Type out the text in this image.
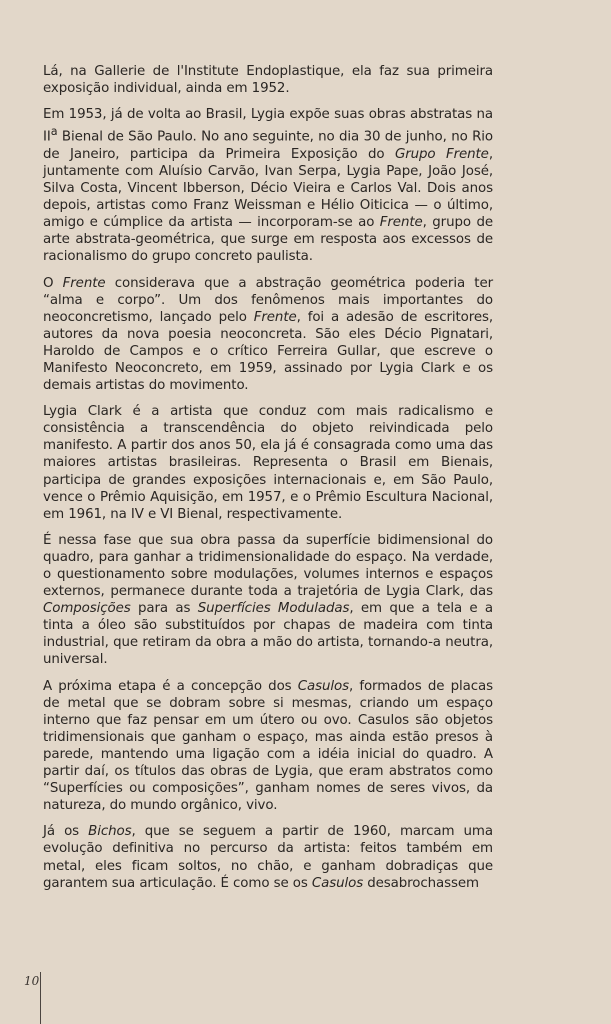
Lá, na Gallerie de l'Institute Endoplastique, ela faz sua primeira exposição individual, ainda em 1952.

Em 1953, já de volta ao Brasil, Lygia expõe suas obras abstratas na $II^a$ Bienal de São Paulo. No ano seguinte, no dia 30 de junho, no Rio de Janeiro, participa da Primeira Exposição do Grupo Frente, juntamente com Aluísio Carvão, Ivan Serpa, Lygia Pape, João José, Silva Costa, Vincent Ibberson, Décio Vieira e Carlos Val. Dois anos depois, artistas como Franz Weissman e Hélio Oiticica — o último, amigo e cúmplice da artista — incorporam-se ao Frente, grupo de arte abstrata-geométrica, que surge em resposta aos excessos de racionalismo do grupo concreto paulista.

O Frente considerava que a abstração geométrica poderia ter “alma e corpo”. Um dos fenômenos mais importantes do neoconcretismo, lançado pelo Frente, foi a adesão de escritores, autores da nova poesia neoconcreta. São eles Décio Pignatari, Haroldo de Campos e o crítico Ferreira Gullar, que escreve o Manifesto Neoconcreto, em 1959, assinado por Lygia Clark e os demais artistas do movimento.

Lygia Clark é a artista que conduz com mais radicalismo e consistência a transcendência do objeto reivindicada pelo manifesto. A partir dos anos 50, ela já é consagrada como uma das maiores artistas brasileiras. Representa o Brasil em Bienais, participa de grandes exposições internacionais e, em São Paulo, vence o Prêmio Aquisição, em 1957, e o Prêmio Escultura Nacional, em 1961, na IV e VI Bienal, respectivamente.

É nessa fase que sua obra passa da superfície bidimensional do quadro, para ganhar a tridimensionalidade do espaço. Na verdade, o questionamento sobre modulações, volumes internos e espaços externos, permanece durante toda a trajetória de Lygia Clark, das Composições para as Superfícies Moduladas, em que a tela e a tinta a óleo são substituídos por chapas de madeira com tinta industrial, que retiram da obra a mão do artista, tornando-a neutra, universal.

A próxima etapa é a concepção dos Casulos, formados de placas de metal que se dobram sobre si mesmas, criando um espaço interno que faz pensar em um útero ou ovo. Casulos são objetos tridimensionais que ganham o espaço, mas ainda estão presos à parede, mantendo uma ligação com a idéia inicial do quadro. A partir daí, os títulos das obras de Lygia, que eram abstratos como “Superfícies ou composições”, ganham nomes de seres vivos, da natureza, do mundo orgânico, vivo.

Já os Bichos, que se seguem a partir de 1960, marcam uma evolução definitiva no percurso da artista: feitos também em metal, eles ficam soltos, no chão, e ganham dobradiças que garantem sua articulação. É como se os Casulos desabrochassem

10
